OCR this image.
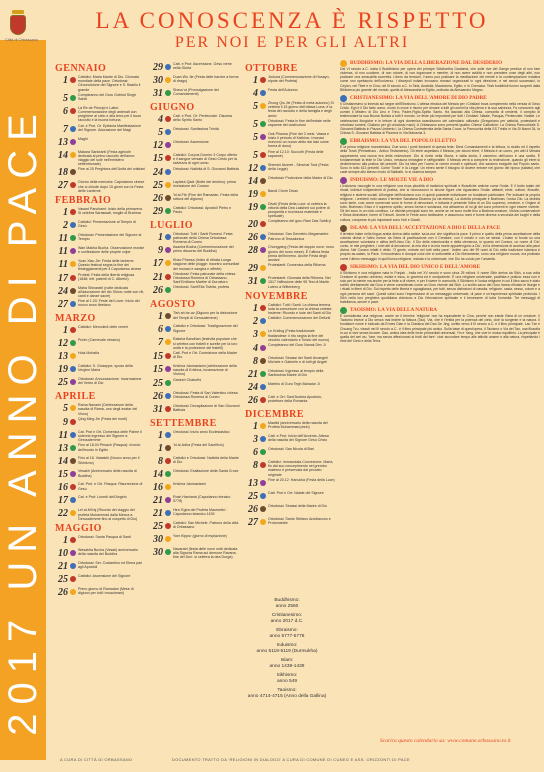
2017 UN ANNO DI PACE
Città di Orbassano
LA CONOSCENZA È RISPETTO
PER NOI E PER GLI ALTRI
GENNAIO
1	Cattolici: Maria Madre di Dio. Giornata mondiale della pace. Ortodossi: Circoncisione del Signore e S. Basilio il grande
5	Compleanno del Guru Gobind Singh Sahib
6	La Re de Principi e Latini: Commemorazione degli antenati con preghiere al cielo e alla terra per il buon raccolto e la buona fortuna
7	Cat. e Prot. Or. Epifania Manifestazione del Signore. Adorazione dei Magi
13	Maghi
14	Makara Sankranti (Festa agricole dedicata al primo raccolto dell'anno: viaggio del sole nell'emisfero settentrionale)
18	Fine al 25 Preghiera dell'Unità dei cristiani
27	Giorno della memoria: Capodanno cinese che si chiude dopo 15 giorni con la Festa delle Lanterne
FEBBRAIO
1	Vasant Panchami: Inizio della primavera. Si celebra Saraswati, moglie di Brahma
2	Cattolici: Presentazione al Tempio di Gesù
11	Ortodossi: Presentazione del Signore al Tempio
11	Wan Makha Bucha. Osservazione morale e confessione delle proprie colpe
11	Yuan Xiao Jie: Festa delle lanterne. Questo festival segna la fine dei festeggiamenti per il Capodanno cinese
17	Protest: Festa della libertà religiosa (1848: lett. patenti di C. Alberto)
24	Maha Shivaratri (notte dedicata all'adorazione del dio Shiva; notte con riti, canti e danze sacre)
27	Fine al 1.03: Feste del Lover. Inizio del nuovo anno tibetano
MARZO
1	Cattolici: Mercoledì delle ceneri
12	Purim (Carnevale ebraico)
13	Hola Mohalla
19	Cattolici: S. Giuseppe, sposo della Vergine Maria
25	Ortodossi: Annunciazione. Incarnazione del Verbo di Dio
APRILE
5	Rama Navami (Celebrazione della nascita di Rama, uno degli avatar del Visnu)
9	Qing Ming Jie (Festa dei morti)
11	Cat. Prot e Ort. Domenica delle Palme Il solenne ingresso del Signore a Gerusalemme
13	Fino al 18.04 Pesach (Pasqua): ricordo dell'esodo in Egitto
14	Fino al 18. Vaisakhi (Nuovo anno per il Sikhismo)
15	Vesakh (Anniversario della nascita di Buddha)
16	Cat. Prot. e Ort. Pasqua: Risurrezione di Gesù
17	Cat. e Prot: Lunedì dell'Angelo
22	Lel al-Mi'raj (Ricordo del viaggio del profeta Muhammad dalla Mecca a Gerusalemme fino al cospetto di Dio)
MAGGIO
1	Ortodossi: Santa Pasqua di Santi
10	Wesakha Bucha (Vesak) anniversario della nascita del Buddha
21	Ortodossi: Ser. Costantino ed Elena pari agli Apostoli
25	Cattolici: Ascensione del Signore
26	Primo giorno di Ramadan (Mese di digiuno per tutti i musulmani)
29	Catt. e Prot: Ascensione. Gesù viene nella Gloria
30	Duan Wu Jie (Festa delle barche a forma di drago)
31	Shavu'ot (Promulgazione dei Comandamenti)
GIUGNO
4	Catt. e Prot. Or: Pentecoste. Discesa dello Spirito Santo
5	Ortodossi: Santissima Trinità
12	Ortodossi: Ascensione
15	Cattolici: Corpus Domini. Il Corpo offerto e il sangue versato di Gesù Cristo per la salvezza di ogni uomo
24	Ortodossi: Natività di S. Giovanni Battista
25	Laylatul-Qadr (Notte del destino): prima rivelazione del Corano
26	'Id al-Fitr (Fine del Ramadan. Festa della rottura del digiuno)
29	Cattolici: Ortodossi: Apostoli Pietro e Paolo
LUGLIO
1	Ortodossi: Tutti i Santi Romeni. Festa patronale della Chiesa Ortodossa Romena di Cuneo
9	Asanha Bucha (Commemorazione del primo discorso del Buddha)
17	Khao Phansa (Inizio di ritirata Lunga stagione delle piogge: incontro comunitari dei monaci e sangha e offerte)
21	Ortodossi: Festa patronale della chiesa Ortodossa Romena di Orbassano, Sant'Emiliano Martire di Durostoro
26	Ortodossi: Sant'Elia Tisbita, profeta
AGOSTO
1	Tish ah be-av (Digiuno per la distruzione dei Templi di Gerusalemme)
6	Cattolici e Ortodossi: Trasfigurazione del Signore
7	Raksha Bandhan (festività popolare che si celebra con fratelli e sorelle per la loro unità e la protezione dei fratelli)
15	Catt. Prot e Ort. Dormizione della Madre di Dio
15	Krishna Janmastami (celebrazione della nascita di Krishna, incarnazione di Vishnu)
25	Ganesh Chaturthi
26	Ortodossi: Festa di San Valentino chiesa Ortodossa Romena di Cuneo
31	Ortodossi: Decapitazione di San Giovanni Battista
SETTEMBRE
1	Ortodossi: Inizio anno Ecclesiastico
1	'Id al-Adha (Festa del Sacrificio)
8	Cattolici e Ortodossi: Natività della Madre di Dio
14	Ortodossi: Esaltazione della Santa Croce
16	Krishna Janmastami
21	Rosh Hashanà (Capodanno ebraico 5778)
21	Hira 'Egira del Profeta Maometto': Capodanno islamico 1439
25	Cattolici: San Michele. Patrono della città di Orbassano
30	Yom Kippur (giorno di espiazione)
30	Navaratri (festa delle nove notti dedicata alla Signora Rama sul demone Ravana; fine del Durì: si celebra la dea Durga)
OTTOBRE
1	'Ashura (Commemorazione di Husayn, nipote del Profeta)
4	Festa dell'Autunno
5	Zhong Qiu Jie (Festa di metà autunno) Si celebra il 15 giorno dell'ottava Luna: è la festa del raccolto e della famiglia e degli amici
5	Ortodossi: Festa in fine dell'estate nelle capanne dei costruzioni
5	Ook Phansa (Fine dei 3 mesi. Vassa e inizio il periodo di Kathina: i monaci ricevono un nuovo abito dai laici come forma di dono)
5	Fine al 12.10: Succoth (Festa delle capanne)
12	Shemini Atzeret - Simchat Torà (Festa della Legge)
14	Ortodossi: Protezione della Madre di Dio
19	Bandi Chorh Divas
19	Divali (Festa della Luce: si celebra la vittoria della Dea Lakshmi sul potere di prosperità e ricchezza materiale e spirituale)
20	Compleanno del guru Ram Das Sahib ji
26	Ortodossi: San Demetrio Megamartire Patrono di Tessalonica
28	Chongyang (Festa del doppio nove: nono giorno del nono mese). È l'ultima festa prima dell'inverno. Anche Festa degli anziani
29	Protestanti: Domenica della Riforma
31	Protestanti: Giornata della Riforma. Nel 1517 l'affissione delle 95 Tesi di Martin Lutero a Wittenberg
NOVEMBRE
1	Cattolici: Tutti i Santi. La chiesa terrena loda la comunione con la chiesa celeste. Insieme: Ricordo e lode dei Santi di Dio
2	Cattolici: Commemorazione dei Defunti
3	Le Kriding (Festa tradizionale thailandese: il rito segna la fine del vecchio calendario e l'inizio del nuovo)
4	Compleanno del Guru Nanak Dev Ji
8	Ortodossi: Sinassi dei Santi Arcangeli Michele e Gabriele e di tutti gli Angeli
21	Ortodossi: Ingresso al tempio della Santissima Madre di Dio
24	Martirio di Guru Tegh Bahadur Ji
26	Catt. e Ort: Sant'Andrea Apostolo, protettore della Romania
DICEMBRE
1	Mawlid (anniversario della nascita del Profeta Muhammad pbuh)
3	Catt. e Prot: Inizio dell'Avvento. Attesa della nascita del Signore Gesù Cristo
6	Ortodossi: San Nicola di Bari
8	Cattolici: Immacolata Concezione. Maria, fin dal suo concepimento nel grembo materno è preservata dal peccato originale
13	Fine al 20.12: Hanukkà (Festa della Luce)
25	Catt. Prot e Ort: Natale del Signore
26	Ortodossi: Sinassi della Madre di Dio
27	Ortodossi: Santo Stefano Arcidiacono e Protomartire
BUDDHISMO: LA VIA DELLA LIBERAZIONE DAL DESIDERIO
Dal VI secolo a.C. inizia il Buddhismo per opera del principe Siddhartha Gautama, che sulle rive del Gange predica di non fare violenza, di non uccidere, di non rubare, di non ingannare e mentire, di non avere avidità e non prendere cose degli altri, non praticare una sessualità scorretta. Libero da tensioni, l'uomo può praticare la meditazione del mente e la contemplazione estatica come uno spettacolo dell'universo. I discepoli indiani invocano monaci organizzati in ogni direzione, e nei secoli successivi, in Ceylon, nel Tibet e in Cina, nel III secolo a.C. in Siria, Anatolia, Macedonia, Egitto, e in Cirenaica. Testi buddhisti furono scoperti dalla Biblioteca più grande del mondo, quella di Alessandria in Egitto, ordinata da Alessandro Magno.
CRISTIANESIMO: LA VIA DELL'AMORE DI DIO PADRE
Il Cristianesimo si innesta sul seppe dell'Ebraismo. L'attesa ebraica del Messia per i Cristiani trova compimento nella venuta di Gesù Cristo. Egli è il Dio fatto uomo, morto in croce e risorto per donare a tutti gli uomini la vita piena e la sua salvezza. Fa conoscere agli uomini il Mistero di Dio Uno e Trino, Padre-Figlio-Spirito Santo. Ha lasciato alla Chiesa, comunità di credenti, il compito di testimoniare la sua Buona Notizia a tutti il mondo. Le feste più importanti per tutti i Cristiani: Natale, Pasqua, Pentecoste. Natale. Le celebrazioni liturgiche e le letture di ogni domenica scandiscono del calendario utilizzato (Gregoriano per cattolici, protestanti e ortodossi rumeni; Giuliano per gli ortodossi russi). A Orbassano sono presenti quattro Chiese Cattoliche: La Chiesa Parrocchiale S. Giovanni Battista in Piazza Umberto I, la Chiesa Confraternita della Santa Croce, la Parrocchia della SS Trinità in Via Di Nanni 34, la Chiesa S. Giovanni Battista di Pizzerra in Via Malosma 3.
EBRAISMO: LA VIA DEL POPOLO ELETTO
È la prima religione monoteistica. Due sono i punti fondanti di questa fede: Dieci Comandamenti e la lettura, lo studio ed il rispetto della Torah (Pentateuco - Antico Testamento). Gli ebrei aspettano il Messia, per alcuni ebrei, il Messia è un uomo, per altri il Messia rappresenta una nuova era della redenzione. Dio si rivelò nella Storia, e dalla storia, il cammino dell'uomo è una scelta. È fondamentale la fede in Dio Unico, nessuna immagine è raffigurabile. Il Messia verrà a compiere la redenzione, quando gli ebrei si dedicheranno alla pratica dei precetti. Dio ha fatto per l'uomo le norme morali e spirituali, che saranno eseguite dal Popolo santo. Sono in tutto 613 precetti. Come 'Torah' e la Legge. Un ebreo sente il bisogno di dovere entrare nel giorno del riposo (sabato) che cade sempre allo stesso modo di Sabbath, lo si osserva sempre.
INDUISMO: LE MOLTE VIE A DIO
L'Induismo raccoglie in una religione una ricca pluralità di tradizioni spirituali e filosofiche antiche come l'India. E il frutto totale dei rituali, indirizzi indipendenti di pratica, che si riconoscono in alcune figure che riguardano l'India: abitanti, etnie, culture, filosofie, religioni e sistemi sociali. All'origine dell'Induismo non vi quindi possiede individuare un fondatore particolare. Per indicare la propria religione, i credenti indù usano il termine Sanatana Dharma (la via eterna). La divinità principale è Brahman, l'unico Dio. La divinità sono tante, così come numerose sono le forme di devozione, e tuttavia è presente l'idea di un Dio supremo, creatore, e Origine di tutto: Brahman. Esso è il supremo spirito, senza forma e sostanza, ma attraverso di lui gli dei sono presenti in ogni essere vivente. Gli dei sono in un ciclo continuo. Le divinità principali sono tre, anche se ne sono molte fino a Brahma creatore, Vishnu conservatore e Shiva distruttore, forme di Trimurti. Anche le Feste sono tantissime, e assumono nomi e forme diverse a seconda dei luoghi e della cultura, comprese le più importanti sono Holi e Diwali.
ISLAM: LA VIA DELL'ACCETTAZIONE A DIO E DELLA PACE
Il termine Islam nella lingua araba deriva dalla radice 'sa-la-ma' che significa la pace. Il primo e quello della prima accettazione della volontà divina e l'altro invece da l'idea di pacificazione con il Creatore, con il creato e con se stessi. L'Islam si fonda su una accettazione volontaria e attiva dell'Unico Dio. Il Dio della misericordia e della clemenza, in quanto nel Corano, un nome di 'Dio' conto, le mie preghiere, i miei atti di devozione, la mia vita e la mia morte appartengono a Dio', ed la dimensione di accesso alla pace divina. Nel Corano infatti è detto: 'O gente, entrate nel tutti nella pace'. Inoltre uno dei 99 nomi di Dio nella tradizione islamica è proprio as-salam, la Pace. Il musulmano è dunque colui che si sottomette a Dio liberamente, sono una religione nuova, ma piuttosto come l'ultimo messaggio in quell'unica religione, iniziata e la universale, che Dio ha voluto per l'umanità.
SIKHISMO: LA VIA DEL DIO UNICO E DELL'AMORE
Il Sikhismo è una religione nata in Punjab - India nel XV secolo e sono circa 25 milioni. Il nome Sikh deriva da Sikh, a sua volta Creatore di questo universo, esiste e esso, lo governa ed è onnipotente. È una religione universale, pacifista e pratica: essa non è solo per la mente ma anche per la fede a di vivere, e per il vivere in comunità. Il Sikhismo è l'unica religione in cui il libro sacro è stato scritto direttamente dai Guru e viene considerato come un Guru vivente dai Sikh. Lo scritto sacro dei Guru hanno rifiutato le liturgie e i rituali in liberi di Dio. Sul rispetto delle libertà e uguaglianza, per tutti, senza distinzioni di nascita, religione, casta, sesso, colore e a ogni persona dei sacri. Questi valori sono l'espressione di un messaggio universale, di pace e un'esperienza spirituale profonda. I Sikh nella loro preghiera quotidiana chiedono a Dio l'elevazione spirituale e il benessere di tutta l'umanità. Tre messaggi di fratellanza, amore e pace.
TAOISMO: LA VIA DELLA NATURA
È considerata una religione, anche se il termine 'religione' non ha equivalente in Cina, perché non esiste l'idea di un creatore. Il Taoismo invece a Dio senza mai ledere la Natura (Tao). Via, che è l'entità per la potenza del cielo, cioè la sorgente e la natura. Il fondatore nome è indicato da Ermes Dian e la Classica del Dao De Jing, scritto verso il III secolo a.C. e il libro principale. Lao Tze e Chuang Tzu, vissuti nel III secolo a.C., è il libro principale più antico. Sulla base di quest'opera, il Taoismo o Via del Tao, una filosofia in cui si vive senza forzare. Dao, antica idea delle forze primordiali universali, Yin e Yang, che vive in mutuo equilibrio. La principale è quella del wei wu, 'fare, ma senza affezionarsi ai frutti del fare': cioè accordare tempo alle attività umane e alla natura, rispettando i ritmi del Cielo e della Terra.
Buddhismo:
anno 2560
Cristianesimo:
anno 2017 d.C.
Ebraismo:
anno 5777-5778
Induismo:
anno 5118-5119 (Durmukha)
Islam:
anno 1438-1439
Sikhismo:
anno 549
Taoismo:
anno 4714-4715 (Anno della Gallina)
Scarica questo calendario su: www.comune.orbassano.to.it
A CURA DI CITTÀ DI ORBASSANO	DOCUMENTO TRATTO DA 'RELIGIONI IN DIALOGO' A CURA DI COMUNE DI CUNEO E ASS. ORIZZONTI DI PACE
